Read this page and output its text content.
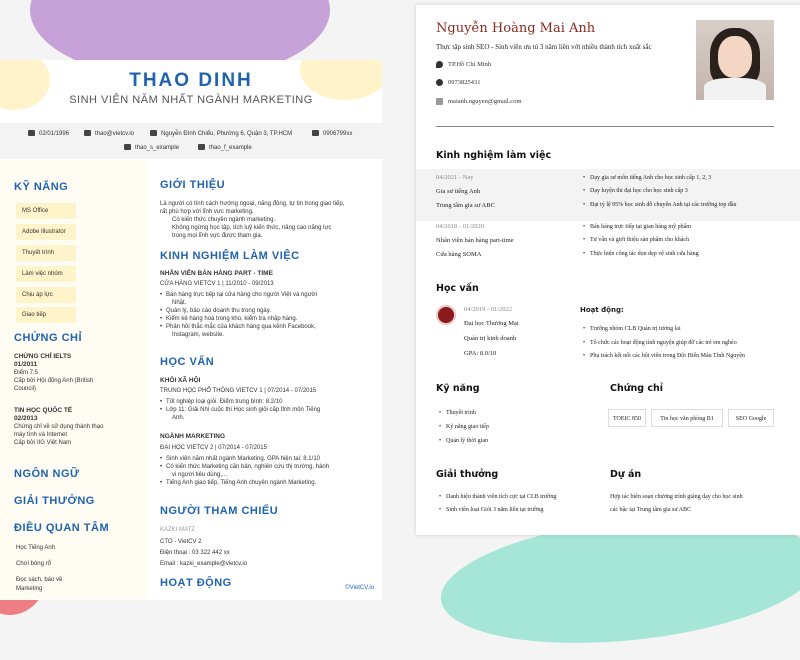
THAO DINH
SINH VIÊN NĂM NHẤT NGÀNH MARKETING
02/01/1996	thao@vietcv.io	Nguyễn Đình Chiểu, Phường 6, Quận 3, TP.HCM	0906799xx
thao_s_example	thao_f_example
KỸ NĂNG
MS Office
Adobe Illustrator
Thuyết trình
Làm việc nhóm
Chịu áp lực
Giao tiếp
CHỨNG CHỈ
CHỨNG CHỈ IELTS
01/2011
Điểm 7.5
Cấp bởi Hội đồng Anh (British
Council)
TIN HỌC QUỐC TẾ
02/2013
Chứng chỉ về sử dụng thành thạo
máy tính và Internet
Cấp bởi IIG Việt Nam
NGÔN NGỮ
GIẢI THƯỞNG
ĐIỀU QUAN TÂM
Học Tiếng Anh
Chơi bóng rổ
Đọc sách, báo về
Marketing
GIỚI THIỆU
Là người có tính cách hướng ngoại, năng động, tự tin trong giao tiếp,
rất phù hợp với lĩnh vực marketing.
Có kiến thức chuyên ngành marketing.
Không ngừng học tập, tích luỹ kiến thức, nâng cao năng lực
trong mọi lĩnh vực được tham gia.
KINH NGHIỆM LÀM VIỆC
NHÂN VIÊN BÁN HÀNG PART - TIME
CỬA HÀNG VIETCV 1 | 11/2010 - 09/2013
• Bán hàng trực tiếp tại cửa hàng cho người Việt và người
Nhật.
• Quản lý, báo cáo doanh thu trong ngày.
• Kiểm kê hàng hoá trong kho, kiểm tra nhập hàng.
• Phản hồi thắc mắc của khách hàng qua kênh Facebook,
Instagram, website.
HỌC VẤN
KHỐI XÃ HỘI
TRUNG HỌC PHỔ THÔNG VIETCV 1 | 07/2014 - 07/2015
• Tốt nghiệp loại giỏi. Điểm trung bình: 8.2/10
• Lớp 11: Giải Nhì cuộc thi Học sinh giỏi cấp tỉnh môn Tiếng
Anh.
NGÀNH MARKETING
ĐẠI HỌC VIETCV 2 | 07/2014 - 07/2015
• Sinh viên năm nhất ngành Marketing. GPA hiện tại: 8.1/10
• Có kiến thức Marketing căn bản, nghiên cứu thị trường, hành
vi người tiêu dùng,...
• Tiếng Anh giao tiếp, Tiếng Anh chuyên ngành Marketing.
NGƯỜI THAM CHIẾU
KAZKI MATZ
CTO - VietCV 2
Điện thoại : 03 322 442 xx
Email : kazki_example@vietcv.io
HOẠT ĐỘNG	©VietCV.io
Nguyễn Hoàng Mai Anh
Thực tập sinh SEO - Sinh viên ưu tú 3 năm liền với nhiều thành tích xuất sắc
TP.Hồ Chí Minh
0973825431
maianh.nguyen@gmail.com
Kinh nghiệm làm việc
04/2021 - Nay
Gia sư tiếng Anh
Trung tâm gia sư ABC
• Dạy gia sư môn tiếng Anh cho học sinh cấp 1, 2, 3
• Dạy luyện thi đại học cho học sinh cấp 3
• Đạt tỷ lệ 95% học sinh đỗ chuyên Anh tại các trường top đầu
04/2018 - 01/2020
Nhân viên bán hàng part-time
Cửa hàng SOMA
• Bán hàng trực tiếp tại gian hàng mỹ phẩm
• Tư vấn và giới thiệu sản phẩm cho khách
• Thực hiện công tác dọn dẹp vệ sinh cửa hàng
Học vấn
04/2019 - 01/2022
Đại học Thương Mại
Quản trị kinh doanh
GPA: 8.0/10
Hoạt động:
• Trưởng nhóm CLB Quản trị tương lai
• Tổ chức các hoạt động tình nguyện giúp đỡ các trẻ em nghèo
• Phụ trách kết nối các hội viên trong Đội Hiến Máu Tình Nguyện
Kỹ năng
• Thuyết trình
• Kỹ năng giao tiếp
• Quản lý thời gian
Chứng chỉ
TOEIC 850	Tin học văn phòng B1	SEO Google
Giải thưởng
• Danh hiệu thành viên tích cực tại CLB trường
• Sinh viên loại Giỏi 3 năm liền tại trường
Dự án
Hợp tác biên soạn chương trình giảng dạy cho học sinh
các bậc tại Trung tâm gia sư ABC
